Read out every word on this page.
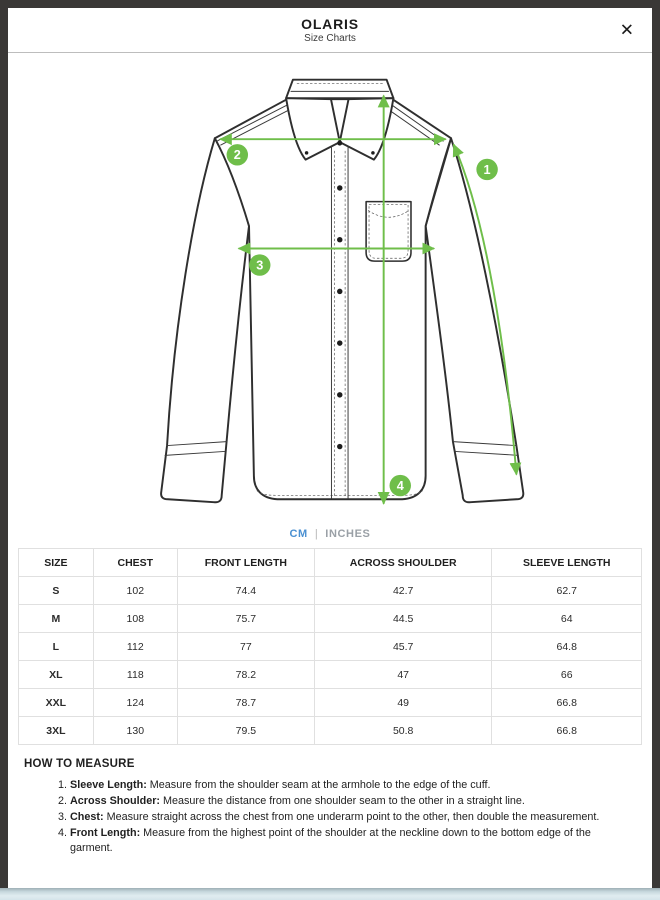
OLARIS
Size Charts	✕
1
2
3
4
CM | INCHES
SIZE	CHEST	FRONT LENGTH	ACROSS SHOULDER	SLEEVE LENGTH
S	102	74.4	42.7	62.7
M	108	75.7	44.5	64
L	112	77	45.7	64.8
XL	118	78.2	47	66
XXL	124	78.7	49	66.8
3XL	130	79.5	50.8	66.8
HOW TO MEASURE
1. Sleeve Length: Measure from the shoulder seam at the armhole to the edge of the cuff.
2. Across Shoulder: Measure the distance from one shoulder seam to the other in a straight line.
3. Chest: Measure straight across the chest from one underarm point to the other, then double the measurement.
4. Front Length: Measure from the highest point of the shoulder at the neckline down to the bottom edge of the garment.
